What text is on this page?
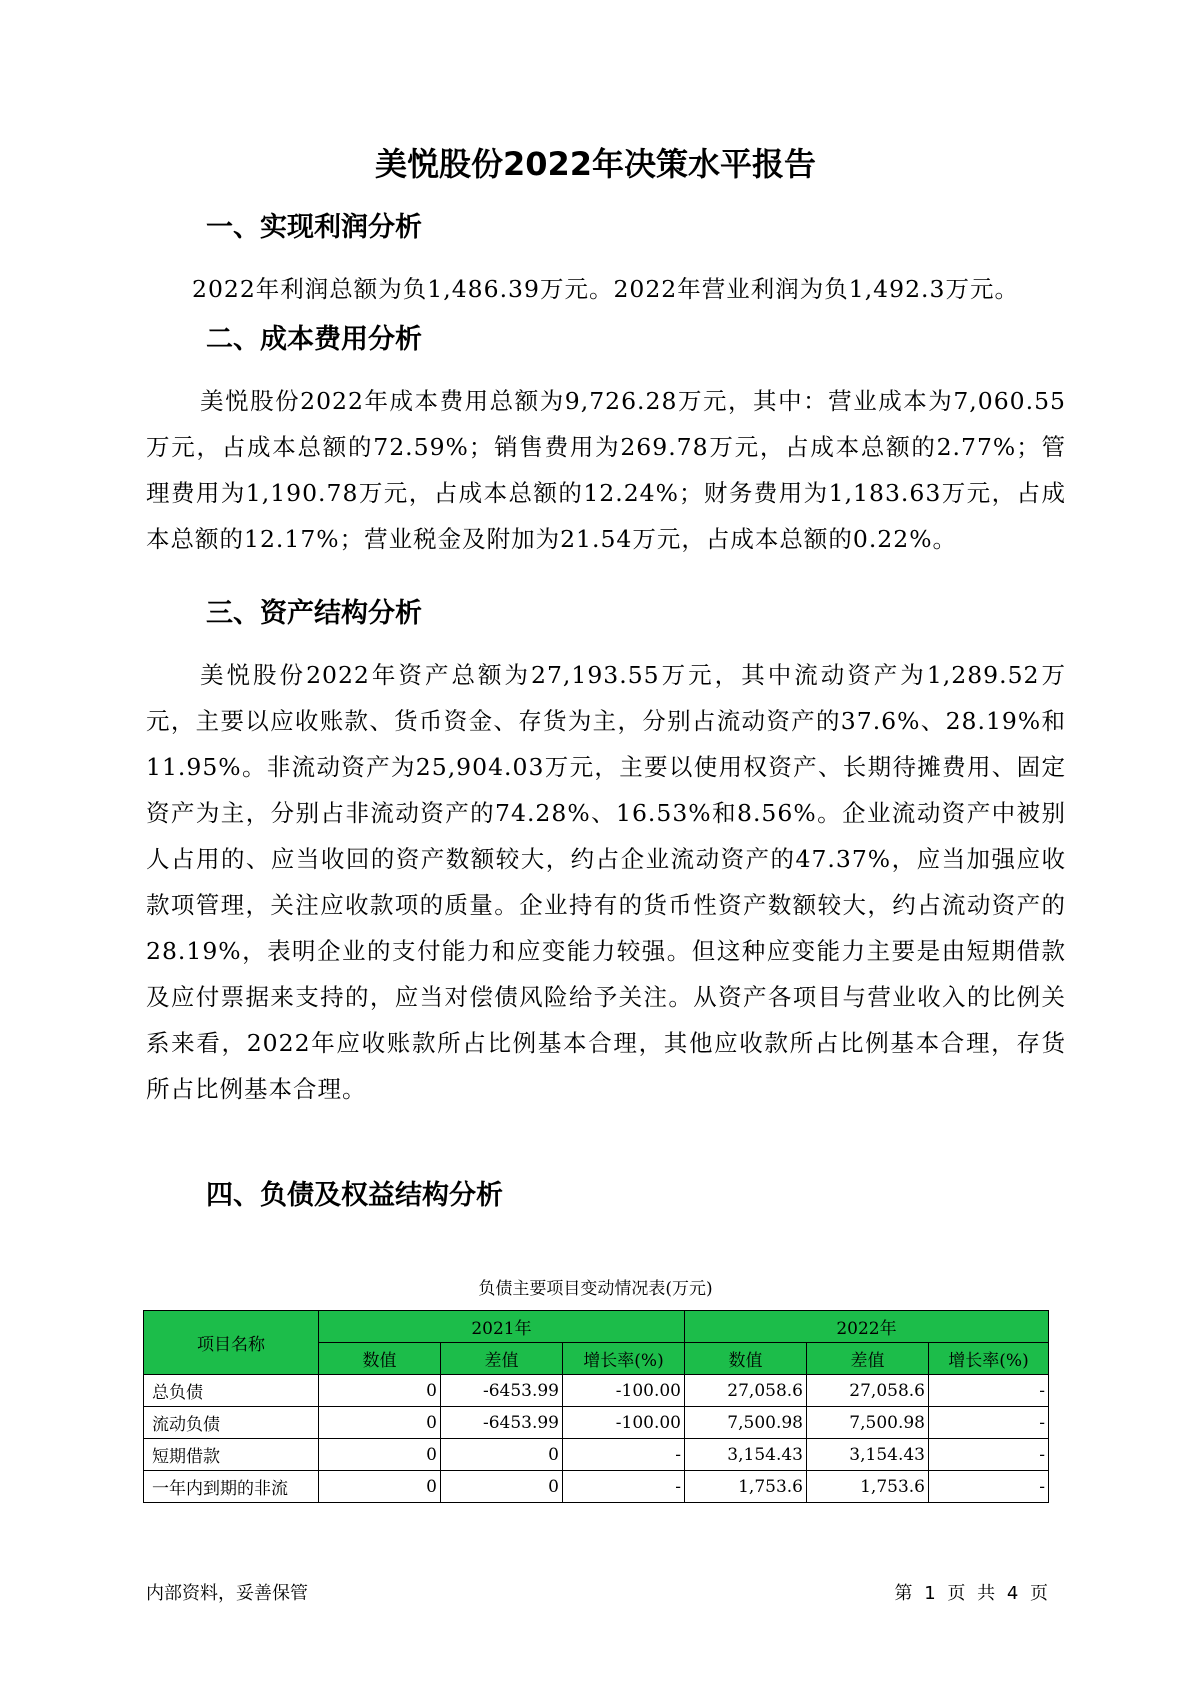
美悦股份2022年决策水平报告
一、实现利润分析
2022年利润总额为负1,486.39万元。2022年营业利润为负1,492.3万元。
二、成本费用分析
美悦股份2022年成本费用总额为9,726.28万元，其中：营业成本为7,060.55万元，占成本总额的72.59%；销售费用为269.78万元，占成本总额的2.77%；管理费用为1,190.78万元，占成本总额的12.24%；财务费用为1,183.63万元，占成本总额的12.17%；营业税金及附加为21.54万元，占成本总额的0.22%。
三、资产结构分析
美悦股份2022年资产总额为27,193.55万元，其中流动资产为1,289.52万元，主要以应收账款、货币资金、存货为主，分别占流动资产的37.6%、28.19%和11.95%。非流动资产为25,904.03万元，主要以使用权资产、长期待摊费用、固定资产为主，分别占非流动资产的74.28%、16.53%和8.56%。企业流动资产中被别人占用的、应当收回的资产数额较大，约占企业流动资产的47.37%，应当加强应收款项管理，关注应收款项的质量。企业持有的货币性资产数额较大，约占流动资产的28.19%，表明企业的支付能力和应变能力较强。但这种应变能力主要是由短期借款及应付票据来支持的，应当对偿债风险给予关注。从资产各项目与营业收入的比例关系来看，2022年应收账款所占比例基本合理，其他应收款所占比例基本合理，存货所占比例基本合理。
四、负债及权益结构分析
负债主要项目变动情况表(万元)
项目名称	2021年			2022年		
	数值	差值	增长率(%)	数值	差值	增长率(%)
总负债	0	-6453.99	-100.00	27,058.6	27,058.6	-
流动负债	0	-6453.99	-100.00	7,500.98	7,500.98	-
短期借款	0	0	-	3,154.43	3,154.43	-
一年内到期的非流	0	0	-	1,753.6	1,753.6	-
内部资料，妥善保管	第 1 页 共 4 页
